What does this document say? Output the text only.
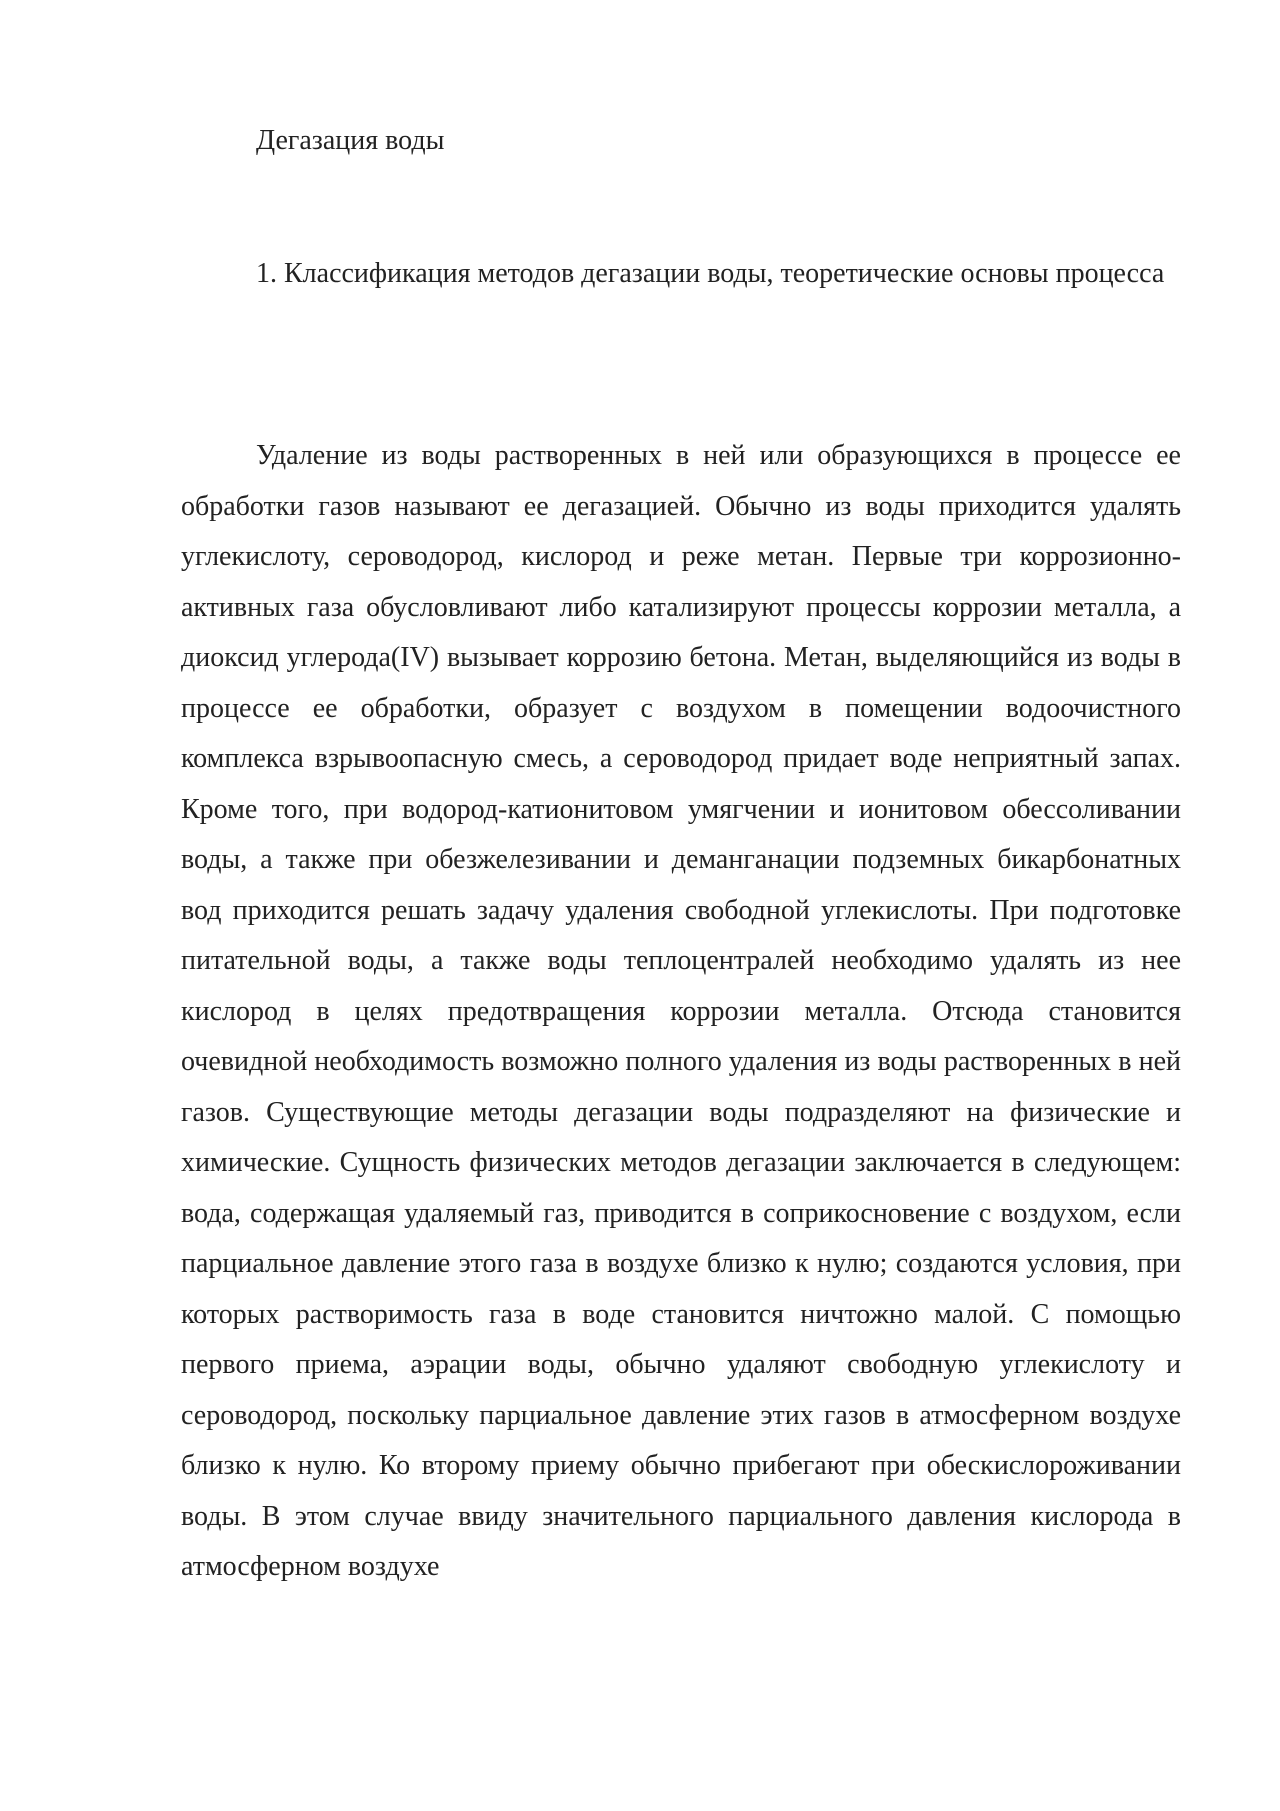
Дегазация воды
1. Классификация методов дегазации воды, теоретические основы процесса

Удаление из воды растворенных в ней или образующихся в процессе ее обработки газов называют ее дегазацией. Обычно из воды приходится удалять углекислоту, сероводород, кислород и реже метан. Первые три коррозионно-активных газа обусловливают либо катализируют процессы коррозии металла, а диоксид углерода(IV) вызывает коррозию бетона. Метан, выделяющийся из воды в процессе ее обработки, образует с воздухом в помещении водоочистного комплекса взрывоопасную смесь, а сероводород придает воде неприятный запах. Кроме того, при водород-катионитовом умягчении и ионитовом обессоливании воды, а также при обезжелезивании и деманганации подземных бикарбонатных вод приходится решать задачу удаления свободной углекислоты. При подготовке питательной воды, а также воды теплоцентралей необходимо удалять из нее кислород в целях предотвращения коррозии металла. Отсюда становится очевидной необходимость возможно полного удаления из воды растворенных в ней газов. Существующие методы дегазации воды подразделяют на физические и химические. Сущность физических методов дегазации заключается в следующем: вода, содержащая удаляемый газ, приводится в соприкосновение с воздухом, если парциальное давление этого газа в воздухе близко к нулю; создаются условия, при которых растворимость газа в воде становится ничтожно малой. С помощью первого приема, аэрации воды, обычно удаляют свободную углекислоту и сероводород, поскольку парциальное давление этих газов в атмосферном воздухе близко к нулю. Ко второму приему обычно прибегают при обескислороживании воды. В этом случае ввиду значительного парциального давления кислорода в атмосферном воздухе
